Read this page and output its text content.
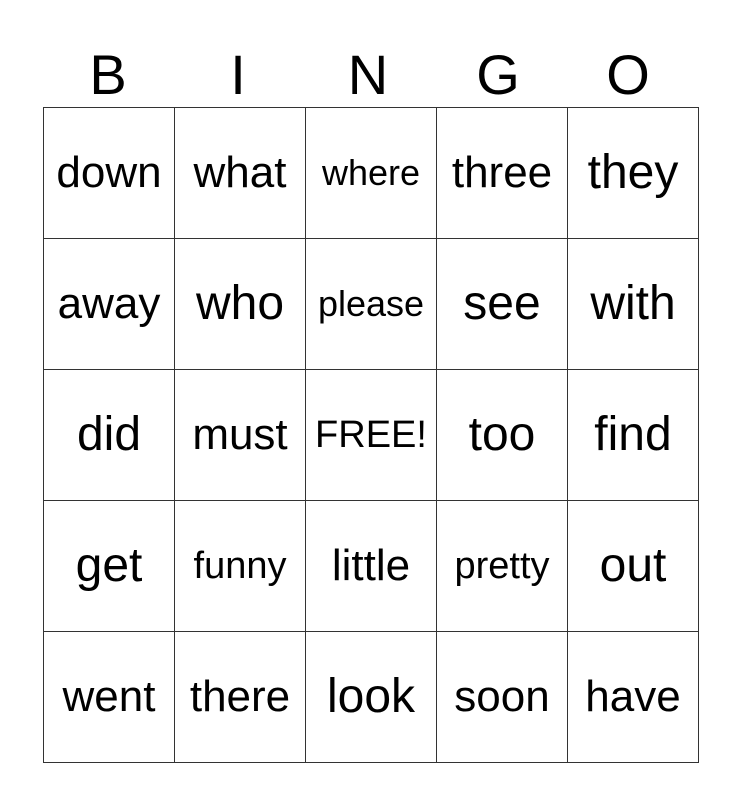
B	I	N	G	O
down	what	where	three	they
away	who	please	see	with
did	must	FREE!	too	find
get	funny	little	pretty	out
went	there	look	soon	have
